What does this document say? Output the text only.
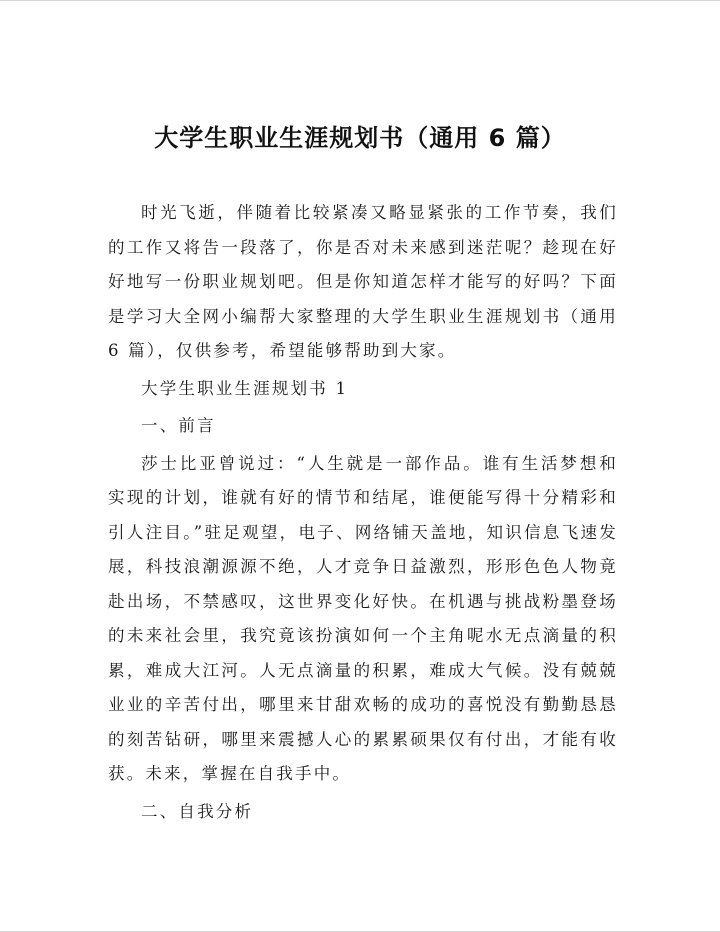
大学生职业生涯规划书（通用 6 篇）

时光飞逝，伴随着比较紧凑又略显紧张的工作节奏，我们的工作又将告一段落了，你是否对未来感到迷茫呢？趁现在好好地写一份职业规划吧。但是你知道怎样才能写的好吗？下面是学习大全网小编帮大家整理的大学生职业生涯规划书（通用 6 篇），仅供参考，希望能够帮助到大家。

大学生职业生涯规划书 1

一、前言

莎士比亚曾说过：“人生就是一部作品。谁有生活梦想和实现的计划，谁就有好的情节和结尾，谁便能写得十分精彩和引人注目。”驻足观望，电子、网络铺天盖地，知识信息飞速发展，科技浪潮源源不绝，人才竞争日益激烈，形形色色人物竟赴出场，不禁感叹，这世界变化好快。在机遇与挑战粉墨登场的未来社会里，我究竟该扮演如何一个主角呢水无点滴量的积累，难成大江河。人无点滴量的积累，难成大气候。没有兢兢业业的辛苦付出，哪里来甘甜欢畅的成功的喜悦没有勤勤恳恳的刻苦钻研，哪里来震撼人心的累累硕果仅有付出，才能有收获。未来，掌握在自我手中。

二、自我分析
